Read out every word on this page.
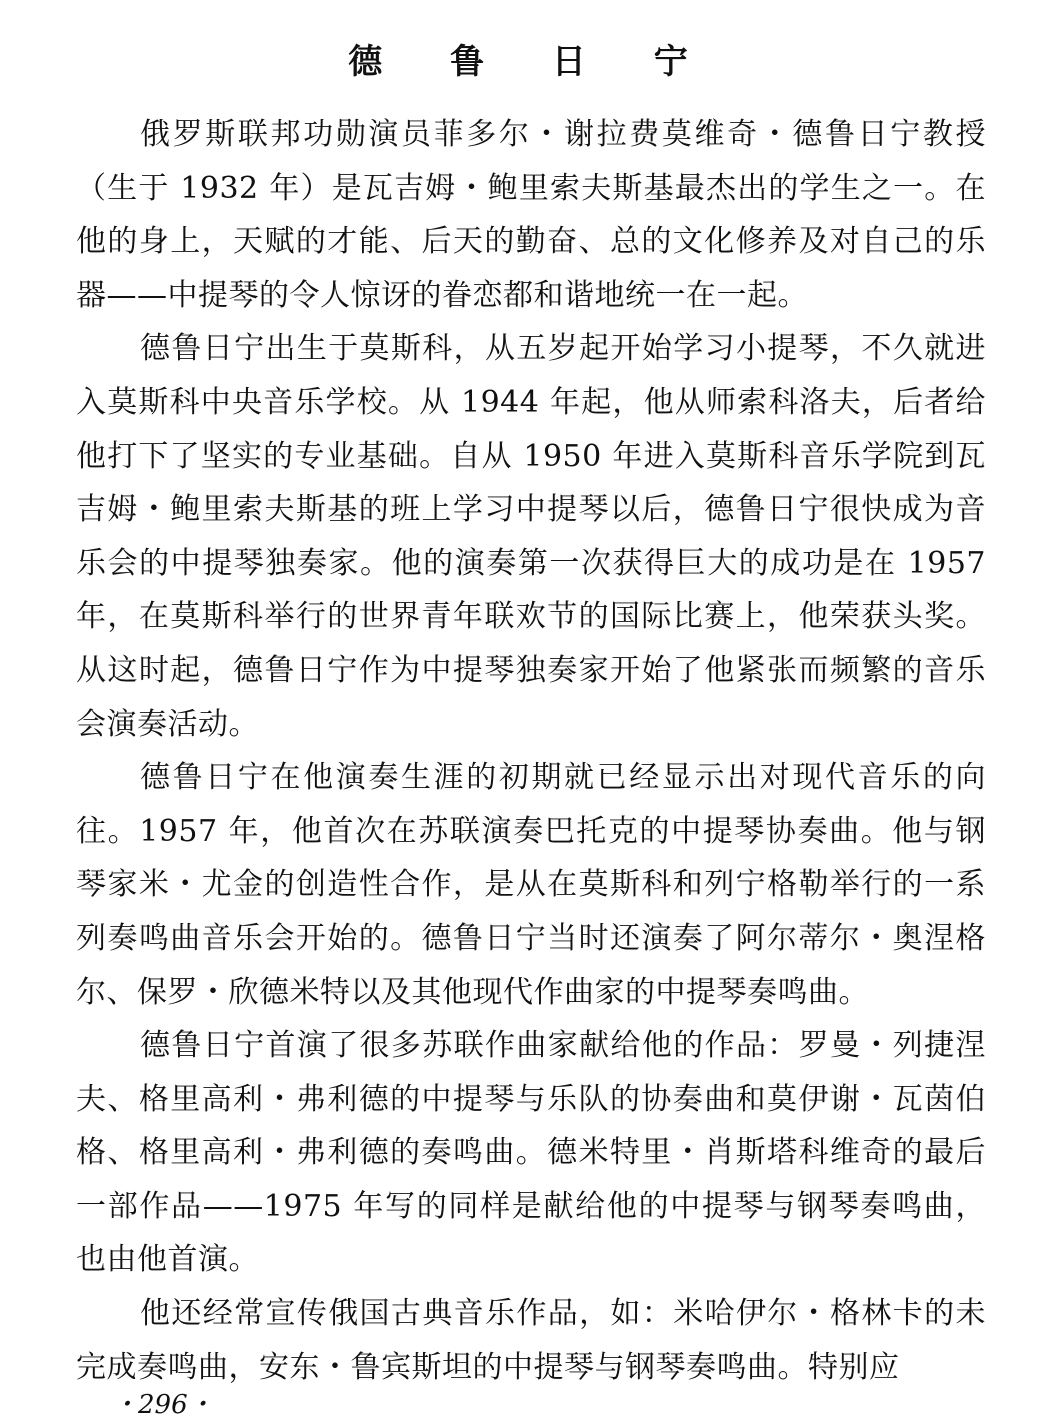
德 鲁 日 宁

俄罗斯联邦功勋演员菲多尔・谢拉费莫维奇・德鲁日宁教授（生于 1932 年）是瓦吉姆・鲍里索夫斯基最杰出的学生之一。在他的身上，天赋的才能、后天的勤奋、总的文化修养及对自己的乐器——中提琴的令人惊讶的眷恋都和谐地统一在一起。

德鲁日宁出生于莫斯科，从五岁起开始学习小提琴，不久就进入莫斯科中央音乐学校。从 1944 年起，他从师索科洛夫，后者给他打下了坚实的专业基础。自从 1950 年进入莫斯科音乐学院到瓦吉姆・鲍里索夫斯基的班上学习中提琴以后，德鲁日宁很快成为音乐会的中提琴独奏家。他的演奏第一次获得巨大的成功是在 1957 年，在莫斯科举行的世界青年联欢节的国际比赛上，他荣获头奖。从这时起，德鲁日宁作为中提琴独奏家开始了他紧张而频繁的音乐会演奏活动。

德鲁日宁在他演奏生涯的初期就已经显示出对现代音乐的向往。1957 年，他首次在苏联演奏巴托克的中提琴协奏曲。他与钢琴家米・尤金的创造性合作，是从在莫斯科和列宁格勒举行的一系列奏鸣曲音乐会开始的。德鲁日宁当时还演奏了阿尔蒂尔・奥涅格尔、保罗・欣德米特以及其他现代作曲家的中提琴奏鸣曲。

德鲁日宁首演了很多苏联作曲家献给他的作品：罗曼・列捷涅夫、格里高利・弗利德的中提琴与乐队的协奏曲和莫伊谢・瓦茵伯格、格里高利・弗利德的奏鸣曲。德米特里・肖斯塔科维奇的最后一部作品——1975 年写的同样是献给他的中提琴与钢琴奏鸣曲，也由他首演。

他还经常宣传俄国古典音乐作品，如：米哈伊尔・格林卡的未完成奏鸣曲，安东・鲁宾斯坦的中提琴与钢琴奏鸣曲。特别应

・296・
